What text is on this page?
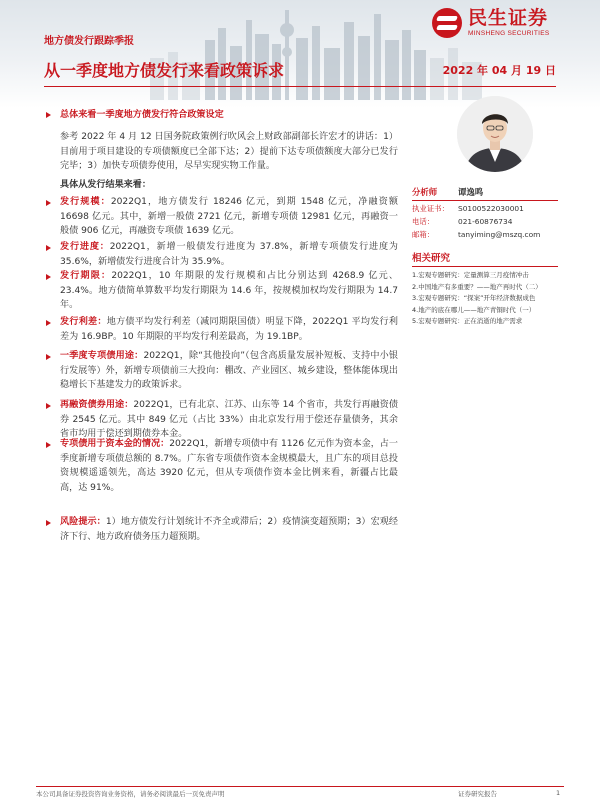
民生证券
MINSHENG SECURITIES
地方债发行跟踪季报
从一季度地方债发行来看政策诉求	2022 年 04 月 19 日
总体来看一季度地方债发行符合政策设定
参考 2022 年 4 月 12 日国务院政策例行吹风会上财政部副部长许宏才的讲话：1）目前用于项目建设的专项债额度已全部下达；2）提前下达专项债额度大部分已发行完毕；3）加快专项债券使用，尽早实现实物工作量。
具体从发行结果来看：
发行规模：2022Q1，地方债发行 18246 亿元，到期 1548 亿元，净融资额 16698 亿元。其中，新增一般债 2721 亿元，新增专项债 12981 亿元，再融资一般债 906 亿元，再融资专项债 1639 亿元。
发行进度：2022Q1，新增一般债发行进度为 37.8%，新增专项债发行进度为 35.6%，新增债发行进度合计为 35.9%。
发行期限：2022Q1，10 年期限的发行规模和占比分别达到 4268.9 亿元、23.4%。地方债简单算数平均发行期限为 14.6 年，按规模加权均发行期限为 14.7 年。
发行利差：地方债平均发行利差（减同期限国债）明显下降，2022Q1 平均发行利差为 16.9BP。10 年期限的平均发行利差最高，为 19.1BP。
一季度专项债用途：2022Q1，除“其他投向”（包含高质量发展补短板、支持中小银行发展等）外，新增专项债前三大投向：棚改、产业园区、城乡建设，整体能体现出稳增长下基建发力的政策诉求。
再融资债券用途：2022Q1，已有北京、江苏、山东等 14 个省市，共发行再融资债券 2545 亿元。其中 849 亿元（占比 33%）由北京发行用于偿还存量债务，其余省市均用于偿还到期债券本金。
专项债用于资本金的情况：2022Q1，新增专项债中有 1126 亿元作为资本金，占一季度新增专项债总额的 8.7%。广东省专项债作资本金规模最大，且广东的项目总投资规模遥遥领先，高达 3920 亿元，但从专项债作资本金比例来看，新疆占比最高，达 91%。
风险提示：1）地方债发行计划统计不齐全或滞后；2）疫情演变超预期；3）宏观经济下行、地方政府债务压力超预期。
分析师	谭逸鸣
执业证书：	S0100522030001
电话：	021-60876734
邮箱：	tanyiming@mszq.com
相关研究
1.宏观专题研究：定量测算三月疫情冲击
2.中国地产有多重要？——地产再时代（二）
3.宏观专题研究：“探案”开年经济数据成色
4.地产的底在哪儿——地产青铜时代（一）
5.宏观专题研究：正在消逝的地产需求
本公司具备证券投资咨询业务资格，请务必阅读最后一页免责声明	证券研究报告	1
